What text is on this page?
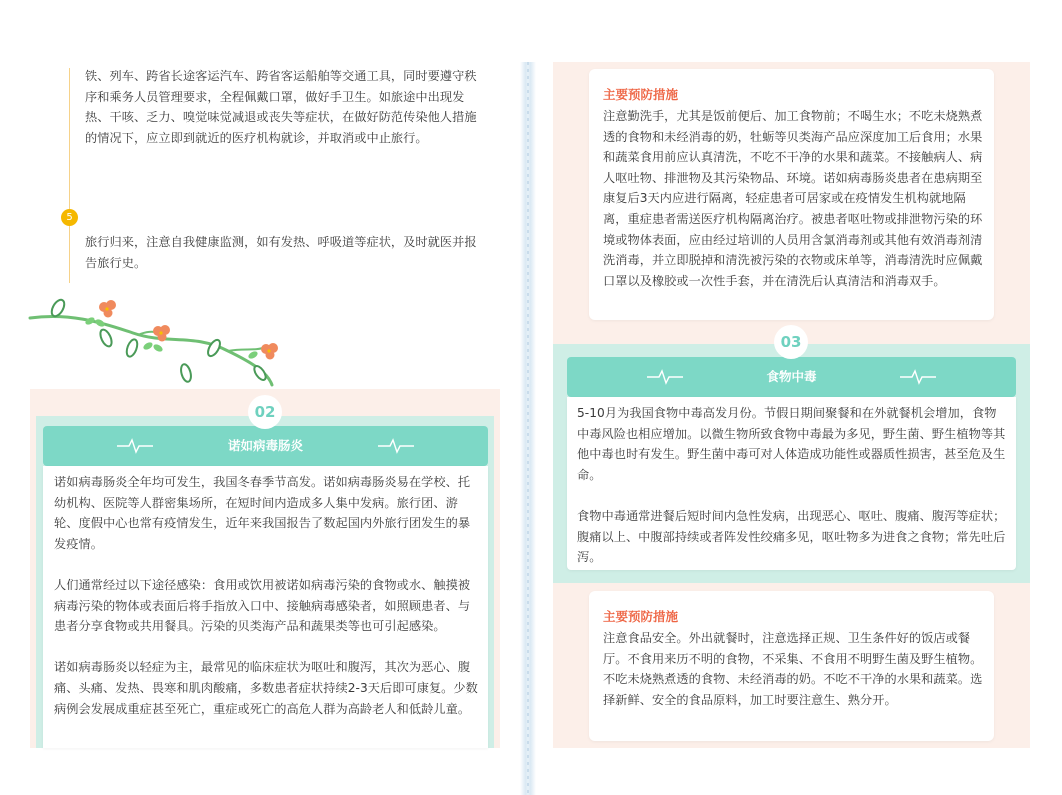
铁、列车、跨省长途客运汽车、跨省客运船舶等交通工具，同时要遵守秩序和乘务人员管理要求，全程佩戴口罩，做好手卫生。如旅途中出现发热、干咳、乏力、嗅觉味觉减退或丧失等症状，在做好防范传染他人措施的情况下，应立即到就近的医疗机构就诊，并取消或中止旅行。
5
旅行归来，注意自我健康监测，如有发热、呼吸道等症状，及时就医并报告旅行史。
诺如病毒肠炎
02

诺如病毒肠炎全年均可发生，我国冬春季节高发。诺如病毒肠炎易在学校、托幼机构、医院等人群密集场所，在短时间内造成多人集中发病。旅行团、游轮、度假中心也常有疫情发生，近年来我国报告了数起国内外旅行团发生的暴发疫情。

人们通常经过以下途径感染：食用或饮用被诺如病毒污染的食物或水、触摸被病毒污染的物体或表面后将手指放入口中、接触病毒感染者，如照顾患者、与患者分享食物或共用餐具。污染的贝类海产品和蔬果类等也可引起感染。

诺如病毒肠炎以轻症为主，最常见的临床症状为呕吐和腹泻，其次为恶心、腹痛、头痛、发热、畏寒和肌肉酸痛，多数患者症状持续2-3天后即可康复。少数病例会发展成重症甚至死亡，重症或死亡的高危人群为高龄老人和低龄儿童。

主要预防措施
注意勤洗手，尤其是饭前便后、加工食物前；不喝生水；不吃未烧熟煮透的食物和未经消毒的奶，牡蛎等贝类海产品应深度加工后食用；水果和蔬菜食用前应认真清洗，不吃不干净的水果和蔬菜。不接触病人、病人呕吐物、排泄物及其污染物品、环境。诺如病毒肠炎患者在患病期至康复后3天内应进行隔离，轻症患者可居家或在疫情发生机构就地隔离，重症患者需送医疗机构隔离治疗。被患者呕吐物或排泄物污染的环境或物体表面，应由经过培训的人员用含氯消毒剂或其他有效消毒剂清洗消毒，并立即脱掉和清洗被污染的衣物或床单等，消毒清洗时应佩戴口罩以及橡胶或一次性手套，并在清洗后认真清洁和消毒双手。
食物中毒
03

5-10月为我国食物中毒高发月份。节假日期间聚餐和在外就餐机会增加，食物中毒风险也相应增加。以微生物所致食物中毒最为多见，野生菌、野生植物等其他中毒也时有发生。野生菌中毒可对人体造成功能性或器质性损害，甚至危及生命。

食物中毒通常进餐后短时间内急性发病，出现恶心、呕吐、腹痛、腹泻等症状；腹痛以上、中腹部持续或者阵发性绞痛多见，呕吐物多为进食之食物；常先吐后泻。

主要预防措施
注意食品安全。外出就餐时，注意选择正规、卫生条件好的饭店或餐厅。不食用来历不明的食物，不采集、不食用不明野生菌及野生植物。不吃未烧熟煮透的食物、未经消毒的奶。不吃不干净的水果和蔬菜。选择新鲜、安全的食品原料，加工时要注意生、熟分开。
